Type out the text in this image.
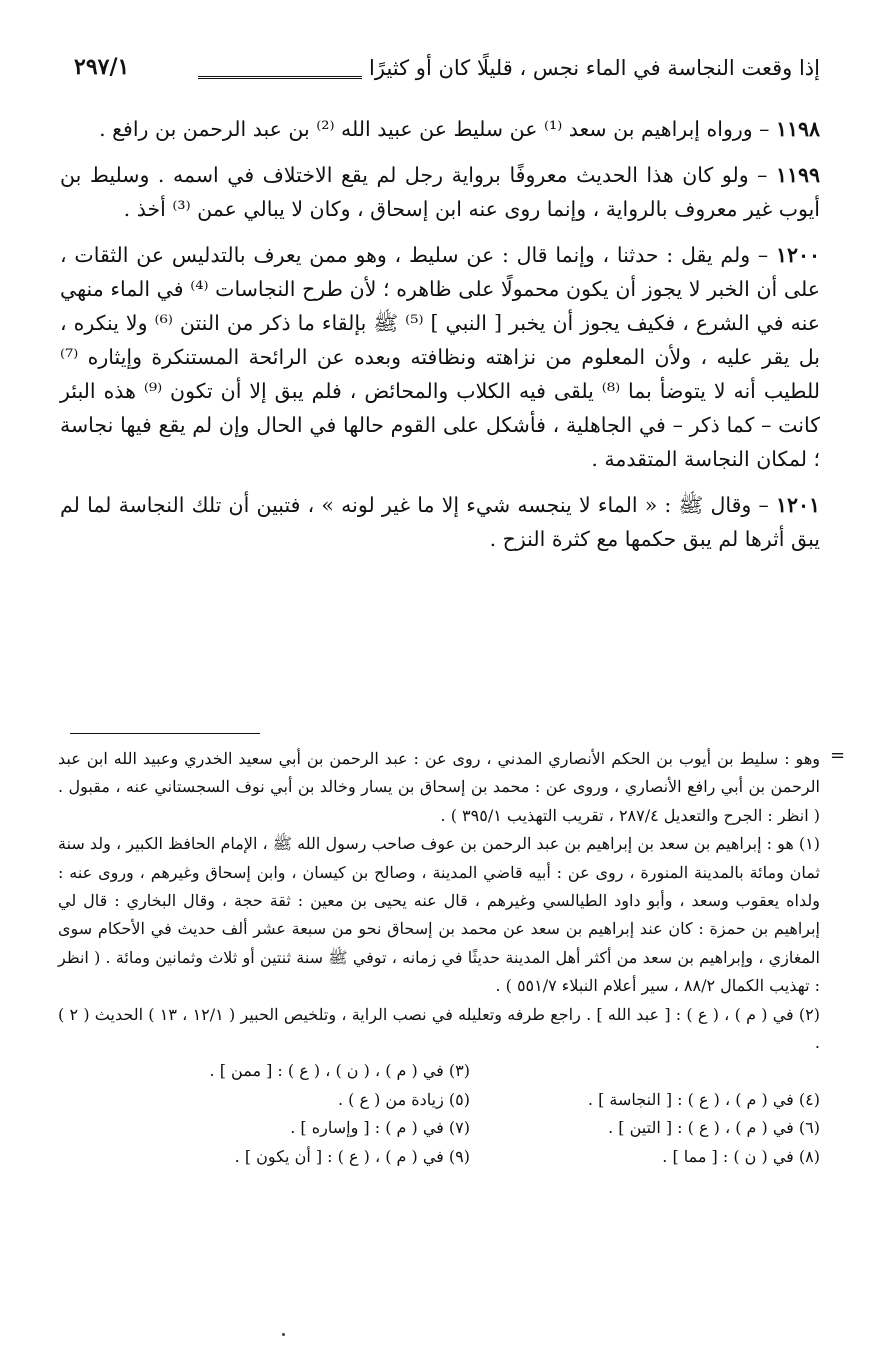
إذا وقعت النجاسة في الماء نجس ، قليلًا كان أو كثيرًا
٢٩٧/١

١١٩٨ – ورواه إبراهيم بن سعد ⁽¹⁾ عن سليط عن عبيد الله ⁽²⁾ بن عبد الرحمن بن رافع .

١١٩٩ – ولو كان هذا الحديث معروفًا برواية رجل لم يقع الاختلاف في اسمه . وسليط بن أيوب غير معروف بالرواية ، وإنما روى عنه ابن إسحاق ، وكان لا يبالي عمن ⁽³⁾ أخذ .

١٢٠٠ – ولم يقل : حدثنا ، وإنما قال : عن سليط ، وهو ممن يعرف بالتدليس عن الثقات ، على أن الخبر لا يجوز أن يكون محمولًا على ظاهره ؛ لأن طرح النجاسات ⁽⁴⁾ في الماء منهي عنه في الشرع ، فكيف يجوز أن يخبر [ النبي ] ⁽⁵⁾ ﷺ بإلقاء ما ذكر من النتن ⁽⁶⁾ ولا ينكره ، بل يقر عليه ، ولأن المعلوم من نزاهته ونظافته وبعده عن الرائحة المستنكرة وإيثاره ⁽⁷⁾ للطيب أنه لا يتوضأ بما ⁽⁸⁾ يلقى فيه الكلاب والمحائض ، فلم يبق إلا أن تكون ⁽⁹⁾ هذه البئر كانت – كما ذكر – في الجاهلية ، فأشكل على القوم حالها في الحال وإن لم يقع فيها نجاسة ؛ لمكان النجاسة المتقدمة .

١٢٠١ – وقال ﷺ : « الماء لا ينجسه شيء إلا ما غير لونه » ، فتبين أن تلك النجاسة لما لم يبق أثرها لم يبق حكمها مع كثرة النزح .

=

وهو : سليط بن أيوب بن الحكم الأنصاري المدني ، روى عن : عبد الرحمن بن أبي سعيد الخدري وعبيد الله ابن عبد الرحمن بن أبي رافع الأنصاري ، وروى عن : محمد بن إسحاق بن يسار وخالد بن أبي نوف السجستاني عنه ، مقبول . ( انظر : الجرح والتعديل ٢٨٧/٤ ، تقريب التهذيب ٣٩٥/١ ) .

(١) هو : إبراهيم بن سعد بن إبراهيم بن عبد الرحمن بن عوف صاحب رسول الله ﷺ ، الإمام الحافظ الكبير ، ولد سنة ثمان ومائة بالمدينة المنورة ، روى عن : أبيه قاضي المدينة ، وصالح بن كيسان ، وابن إسحاق وغيرهم ، وروى عنه : ولداه يعقوب وسعد ، وأبو داود الطيالسي وغيرهم ، قال عنه يحيى بن معين : ثقة حجة ، وقال البخاري : قال لي إبراهيم بن حمزة : كان عند إبراهيم بن سعد عن محمد بن إسحاق نحو من سبعة عشر ألف حديث في الأحكام سوى المغازي ، وإبراهيم بن سعد من أكثر أهل المدينة حديثًا في زمانه ، توفي ﷺ سنة ثنتين أو ثلاث وثمانين ومائة . ( انظر : تهذيب الكمال ٨٨/٢ ، سير أعلام النبلاء ٥٥١/٧ ) .

(٢) في ( م ) ، ( ع ) : [ عبد الله ] . راجع طرفه وتعليله في نصب الراية ، وتلخيص الحبير ( ١٢/١ ، ١٣ ) الحديث ( ٢ ) .

(٣) في ( م ) ، ( ن ) ، ( ع ) : [ ممن ] .
(٤) في ( م ) ، ( ع ) : [ النجاسة ] .
(٥) زيادة من ( ع ) .
(٦) في ( م ) ، ( ع ) : [ التين ] .
(٧) في ( م ) : [ وإساره ] .
(٨) في ( ن ) : [ مما ] .
(٩) في ( م ) ، ( ع ) : [ أن يكون ] .
